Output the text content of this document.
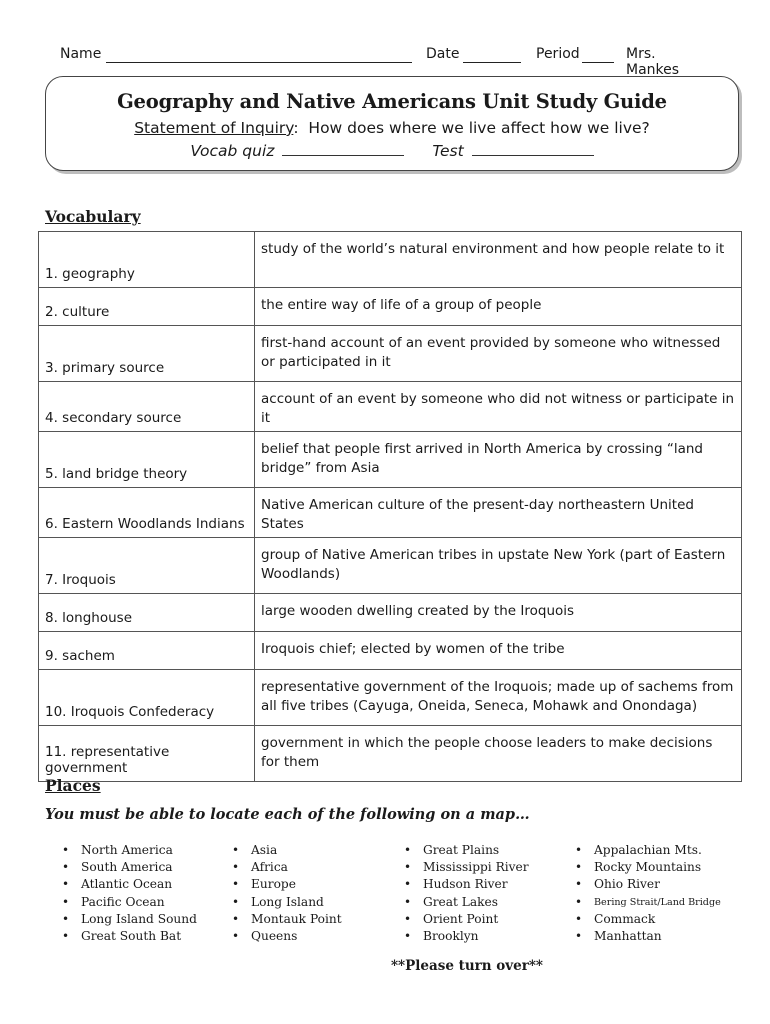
Name	Date	Period	Mrs. Mankes
Geography and Native Americans Unit Study Guide
Statement of Inquiry:  How does where we live affect how we live?
Vocab quiz	Test
Vocabulary
1. geography	study of the world’s natural environment and how people relate to it
2. culture	the entire way of life of a group of people
3. primary source	first-hand account of an event provided by someone who witnessed or participated in it
4. secondary source	account of an event by someone who did not witness or participate in it
5. land bridge theory	belief that people first arrived in North America by crossing “land bridge” from Asia
6. Eastern Woodlands Indians	Native American culture of the present-day northeastern United States
7. Iroquois	group of Native American tribes in upstate New York (part of Eastern Woodlands)
8. longhouse	large wooden dwelling created by the Iroquois
9. sachem	Iroquois chief; elected by women of the tribe
10. Iroquois Confederacy	representative government of the Iroquois; made up of sachems from all five tribes (Cayuga, Oneida, Seneca, Mohawk and Onondaga)
11. representative government	government in which the people choose leaders to make decisions for them
Places
You must be able to locate each of the following on a map…
• North America
• South America
• Atlantic Ocean
• Pacific Ocean
• Long Island Sound
• Great South Bat
• Asia
• Africa
• Europe
• Long Island
• Montauk Point
• Queens
• Great Plains
• Mississippi River
• Hudson River
• Great Lakes
• Orient Point
• Brooklyn
• Appalachian Mts.
• Rocky Mountains
• Ohio River
• Bering Strait/Land Bridge
• Commack
• Manhattan
**Please turn over**
